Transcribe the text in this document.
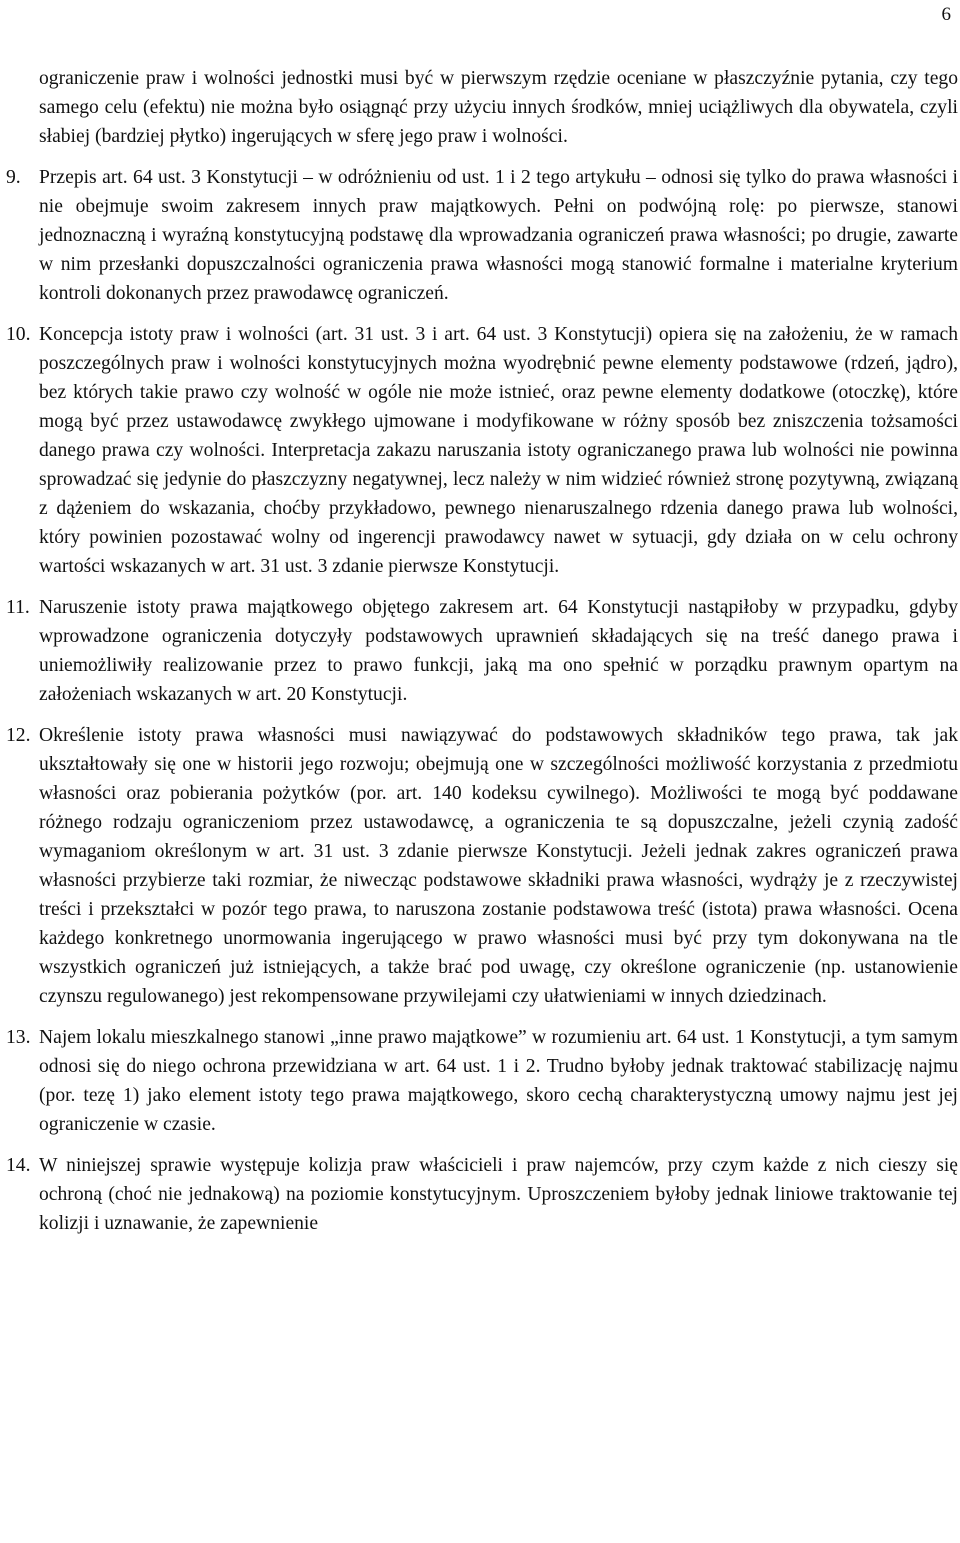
6

ograniczenie praw i wolności jednostki musi być w pierwszym rzędzie oceniane w płaszczyźnie pytania, czy tego samego celu (efektu) nie można było osiągnąć przy użyciu innych środków, mniej uciążliwych dla obywatela, czyli słabiej (bardziej płytko) ingerujących w sferę jego praw i wolności.

9. Przepis art. 64 ust. 3 Konstytucji – w odróżnieniu od ust. 1 i 2 tego artykułu – odnosi się tylko do prawa własności i nie obejmuje swoim zakresem innych praw majątkowych. Pełni on podwójną rolę: po pierwsze, stanowi jednoznaczną i wyraźną konstytucyjną podstawę dla wprowadzania ograniczeń prawa własności; po drugie, zawarte w nim przesłanki dopuszczalności ograniczenia prawa własności mogą stanowić formalne i materialne kryterium kontroli dokonanych przez prawodawcę ograniczeń.

10. Koncepcja istoty praw i wolności (art. 31 ust. 3 i art. 64 ust. 3 Konstytucji) opiera się na założeniu, że w ramach poszczególnych praw i wolności konstytucyjnych można wyodrębnić pewne elementy podstawowe (rdzeń, jądro), bez których takie prawo czy wolność w ogóle nie może istnieć, oraz pewne elementy dodatkowe (otoczkę), które mogą być przez ustawodawcę zwykłego ujmowane i modyfikowane w różny sposób bez zniszczenia tożsamości danego prawa czy wolności. Interpretacja zakazu naruszania istoty ograniczanego prawa lub wolności nie powinna sprowadzać się jedynie do płaszczyzny negatywnej, lecz należy w nim widzieć również stronę pozytywną, związaną z dążeniem do wskazania, choćby przykładowo, pewnego nienaruszalnego rdzenia danego prawa lub wolności, który powinien pozostawać wolny od ingerencji prawodawcy nawet w sytuacji, gdy działa on w celu ochrony wartości wskazanych w art. 31 ust. 3 zdanie pierwsze Konstytucji.

11. Naruszenie istoty prawa majątkowego objętego zakresem art. 64 Konstytucji nastąpiłoby w przypadku, gdyby wprowadzone ograniczenia dotyczyły podstawowych uprawnień składających się na treść danego prawa i uniemożliwiły realizowanie przez to prawo funkcji, jaką ma ono spełnić w porządku prawnym opartym na założeniach wskazanych w art. 20 Konstytucji.

12. Określenie istoty prawa własności musi nawiązywać do podstawowych składników tego prawa, tak jak ukształtowały się one w historii jego rozwoju; obejmują one w szczególności możliwość korzystania z przedmiotu własności oraz pobierania pożytków (por. art. 140 kodeksu cywilnego). Możliwości te mogą być poddawane różnego rodzaju ograniczeniom przez ustawodawcę, a ograniczenia te są dopuszczalne, jeżeli czynią zadość wymaganiom określonym w art. 31 ust. 3 zdanie pierwsze Konstytucji. Jeżeli jednak zakres ograniczeń prawa własności przybierze taki rozmiar, że niwecząc podstawowe składniki prawa własności, wydrąży je z rzeczywistej treści i przekształci w pozór tego prawa, to naruszona zostanie podstawowa treść (istota) prawa własności. Ocena każdego konkretnego unormowania ingerującego w prawo własności musi być przy tym dokonywana na tle wszystkich ograniczeń już istniejących, a także brać pod uwagę, czy określone ograniczenie (np. ustanowienie czynszu regulowanego) jest rekompensowane przywilejami czy ułatwieniami w innych dziedzinach.

13. Najem lokalu mieszkalnego stanowi „inne prawo majątkowe” w rozumieniu art. 64 ust. 1 Konstytucji, a tym samym odnosi się do niego ochrona przewidziana w art. 64 ust. 1 i 2. Trudno byłoby jednak traktować stabilizację najmu (por. tezę 1) jako element istoty tego prawa majątkowego, skoro cechą charakterystyczną umowy najmu jest jej ograniczenie w czasie.

14. W niniejszej sprawie występuje kolizja praw właścicieli i praw najemców, przy czym każde z nich cieszy się ochroną (choć nie jednakową) na poziomie konstytucyjnym. Uproszczeniem byłoby jednak liniowe traktowanie tej kolizji i uznawanie, że zapewnienie
